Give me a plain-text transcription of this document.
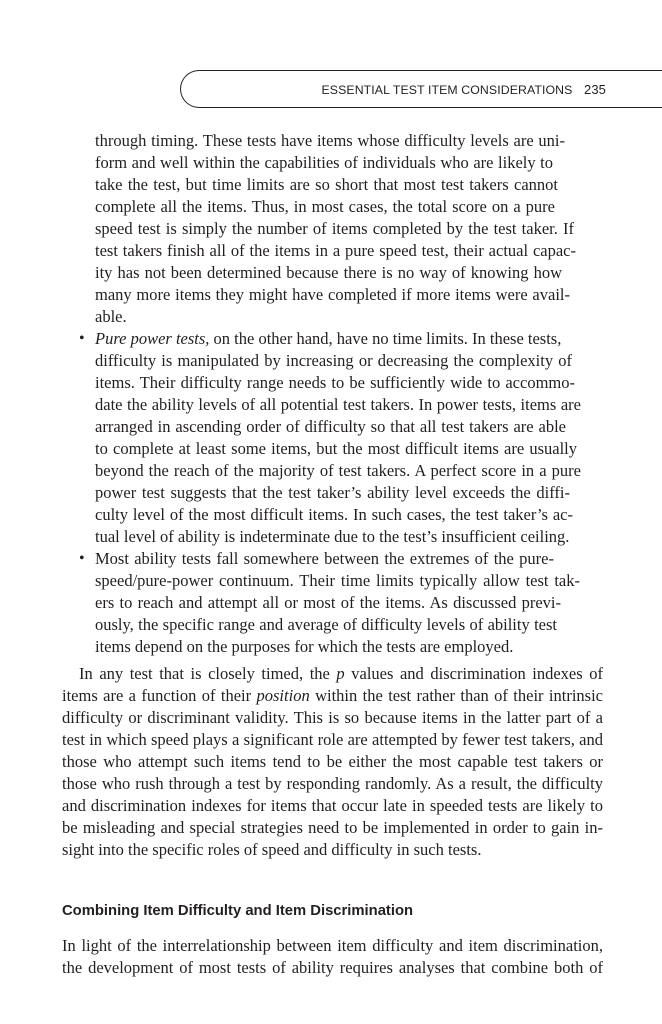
ESSENTIAL TEST ITEM CONSIDERATIONS 235
through timing. These tests have items whose difficulty levels are uni-
form and well within the capabilities of individuals who are likely to
take the test, but time limits are so short that most test takers cannot
complete all the items. Thus, in most cases, the total score on a pure
speed test is simply the number of items completed by the test taker. If
test takers finish all of the items in a pure speed test, their actual capac-
ity has not been determined because there is no way of knowing how
many more items they might have completed if more items were avail-
able.
• Pure power tests, on the other hand, have no time limits. In these tests,
difficulty is manipulated by increasing or decreasing the complexity of
items. Their difficulty range needs to be sufficiently wide to accommo-
date the ability levels of all potential test takers. In power tests, items are
arranged in ascending order of difficulty so that all test takers are able
to complete at least some items, but the most difficult items are usually
beyond the reach of the majority of test takers. A perfect score in a pure
power test suggests that the test taker’s ability level exceeds the diffi-
culty level of the most difficult items. In such cases, the test taker’s ac-
tual level of ability is indeterminate due to the test’s insufficient ceiling.
• Most ability tests fall somewhere between the extremes of the pure-
speed/pure-power continuum. Their time limits typically allow test tak-
ers to reach and attempt all or most of the items. As discussed previ-
ously, the specific range and average of difficulty levels of ability test
items depend on the purposes for which the tests are employed.
In any test that is closely timed, the p values and discrimination indexes of
items are a function of their position within the test rather than of their intrinsic
difficulty or discriminant validity. This is so because items in the latter part of a
test in which speed plays a significant role are attempted by fewer test takers, and
those who attempt such items tend to be either the most capable test takers or
those who rush through a test by responding randomly. As a result, the difficulty
and discrimination indexes for items that occur late in speeded tests are likely to
be misleading and special strategies need to be implemented in order to gain in-
sight into the specific roles of speed and difficulty in such tests.
Combining Item Difficulty and Item Discrimination
In light of the interrelationship between item difficulty and item discrimination,
the development of most tests of ability requires analyses that combine both of
